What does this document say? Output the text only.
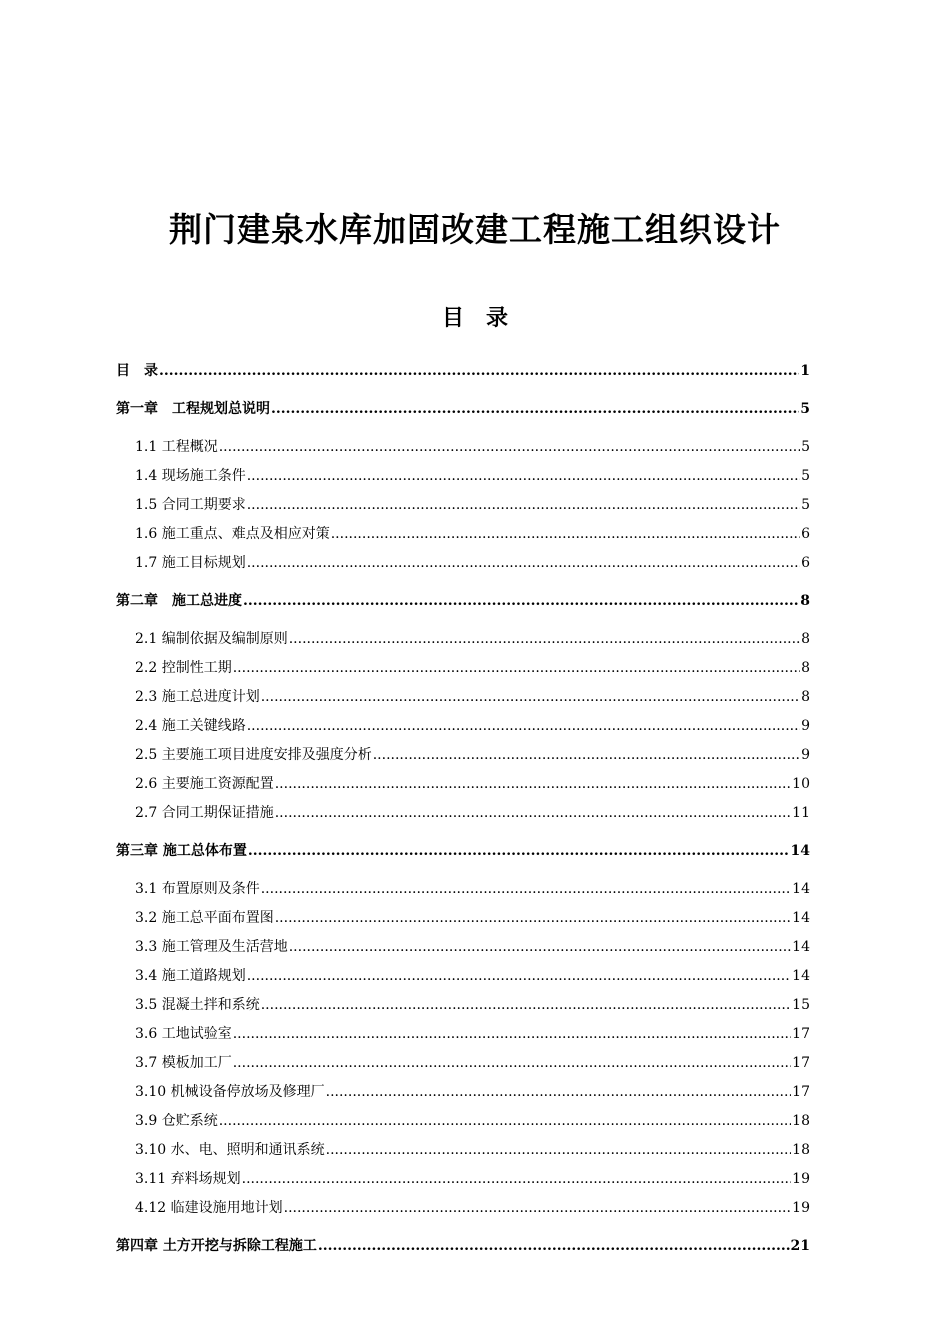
荆门建泉水库加固改建工程施工组织设计
目　录
目　录 .....	1
第一章　工程规划总说明 .....	5
1.1 工程概况 .....	5
1.4 现场施工条件 .....	5
1.5 合同工期要求 .....	5
1.6 施工重点、难点及相应对策 .....	6
1.7 施工目标规划 .....	6
第二章　施工总进度 .....	8
2.1 编制依据及编制原则 .....	8
2.2 控制性工期 .....	8
2.3 施工总进度计划 .....	8
2.4 施工关键线路 .....	9
2.5 主要施工项目进度安排及强度分析 .....	9
2.6 主要施工资源配置 .....	10
2.7 合同工期保证措施 .....	11
第三章 施工总体布置 .....	14
3.1 布置原则及条件 .....	14
3.2 施工总平面布置图 .....	14
3.3 施工管理及生活营地 .....	14
3.4 施工道路规划 .....	14
3.5 混凝土拌和系统 .....	15
3.6 工地试验室 .....	17
3.7 模板加工厂 .....	17
3.10 机械设备停放场及修理厂 .....	17
3.9 仓贮系统 .....	18
3.10 水、电、照明和通讯系统 .....	18
3.11 弃料场规划 .....	19
4.12 临建设施用地计划 .....	19
第四章 土方开挖与拆除工程施工 .....	21
